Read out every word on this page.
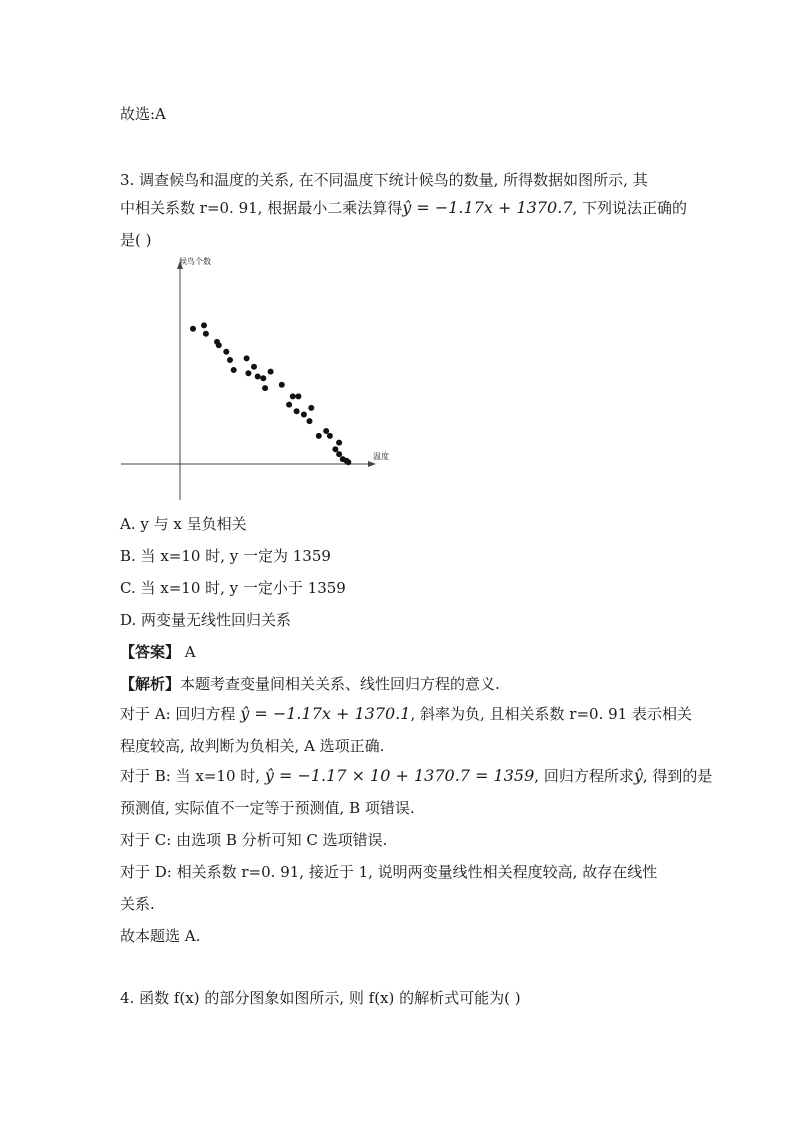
故选:A
3. 调查候鸟和温度的关系, 在不同温度下统计候鸟的数量, 所得数据如图所示, 其
中相关系数 r=0. 91, 根据最小二乘法算得ŷ = −1.17x + 1370.7, 下列说法正确的
是( )
候鸟个数
温度
A. y 与 x 呈负相关
B. 当 x=10 时, y 一定为 1359
C. 当 x=10 时, y 一定小于 1359
D. 两变量无线性回归关系
【答案】 A
【解析】本题考查变量间相关关系、线性回归方程的意义.
对于 A: 回归方程 ŷ = −1.17x + 1370.1, 斜率为负, 且相关系数 r=0. 91 表示相关
程度较高, 故判断为负相关, A 选项正确.
对于 B: 当 x=10 时, ŷ = −1.17 × 10 + 1370.7 = 1359, 回归方程所求ŷ, 得到的是
预测值, 实际值不一定等于预测值, B 项错误.
对于 C: 由选项 B 分析可知 C 选项错误.
对于 D: 相关系数 r=0. 91, 接近于 1, 说明两变量线性相关程度较高, 故存在线性
关系.
故本题选 A.
4. 函数 f(x) 的部分图象如图所示, 则 f(x) 的解析式可能为( )
